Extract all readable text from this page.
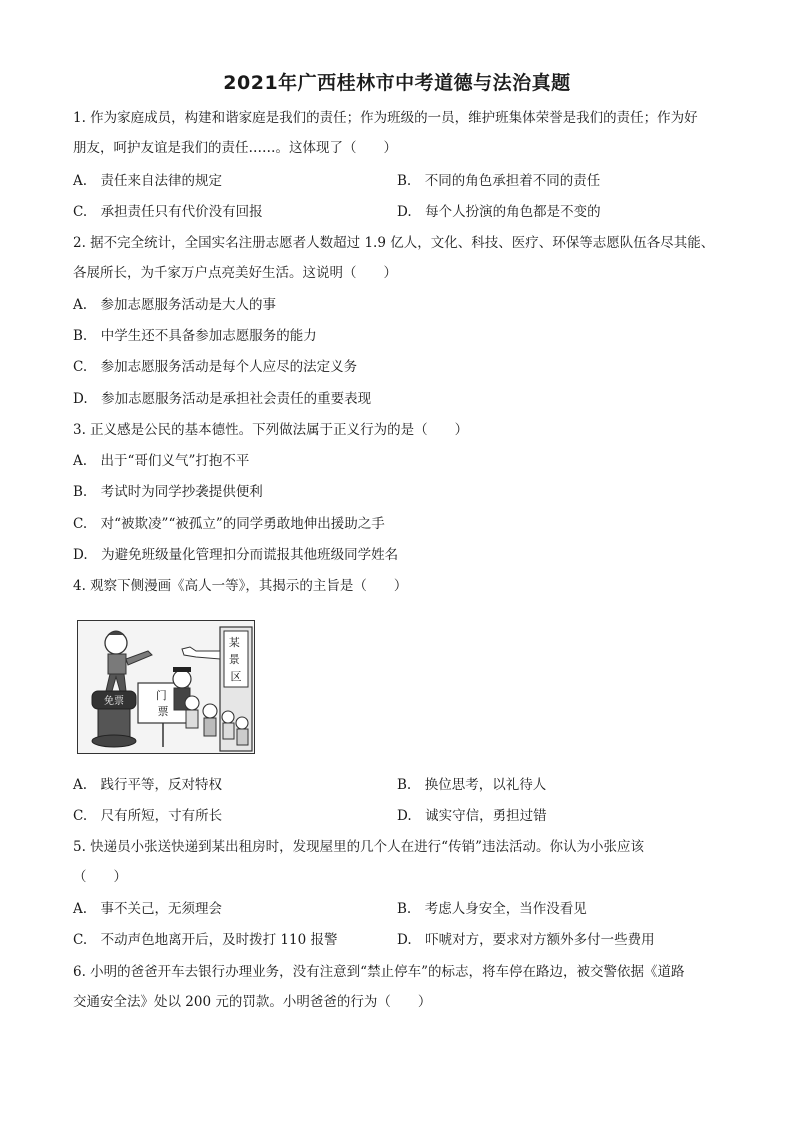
2021年广西桂林市中考道德与法治真题
1. 作为家庭成员，构建和谐家庭是我们的责任；作为班级的一员，维护班集体荣誉是我们的责任；作为好
朋友，呵护友谊是我们的责任……。这体现了（　　）
A.　责任来自法律的规定	B.　不同的角色承担着不同的责任
C.　承担责任只有代价没有回报	D.　每个人扮演的角色都是不变的
2. 据不完全统计，全国实名注册志愿者人数超过 1.9 亿人，文化、科技、医疗、环保等志愿队伍各尽其能、
各展所长，为千家万户点亮美好生活。这说明（　　）
A.　参加志愿服务活动是大人的事
B.　中学生还不具备参加志愿服务的能力
C.　参加志愿服务活动是每个人应尽的法定义务
D.　参加志愿服务活动是承担社会责任的重要表现
3. 正义感是公民的基本德性。下列做法属于正义行为的是（　　）
A.　出于“哥们义气”打抱不平
B.　考试时为同学抄袭提供便利
C.　对“被欺凌”“被孤立”的同学勇敢地伸出援助之手
D.　为避免班级量化管理扣分而谎报其他班级同学姓名
4. 观察下侧漫画《高人一等》，其揭示的主旨是（　　）
某 景 区
免票	门 票
A.　践行平等，反对特权	B.　换位思考，以礼待人
C.　尺有所短，寸有所长	D.　诚实守信，勇担过错
5. 快递员小张送快递到某出租房时，发现屋里的几个人在进行“传销”违法活动。你认为小张应该
（　　）
A.　事不关己，无须理会	B.　考虑人身安全，当作没看见
C.　不动声色地离开后，及时拨打 110 报警	D.　吓唬对方，要求对方额外多付一些费用
6. 小明的爸爸开车去银行办理业务，没有注意到“禁止停车”的标志，将车停在路边，被交警依据《道路
交通安全法》处以 200 元的罚款。小明爸爸的行为（　　）
